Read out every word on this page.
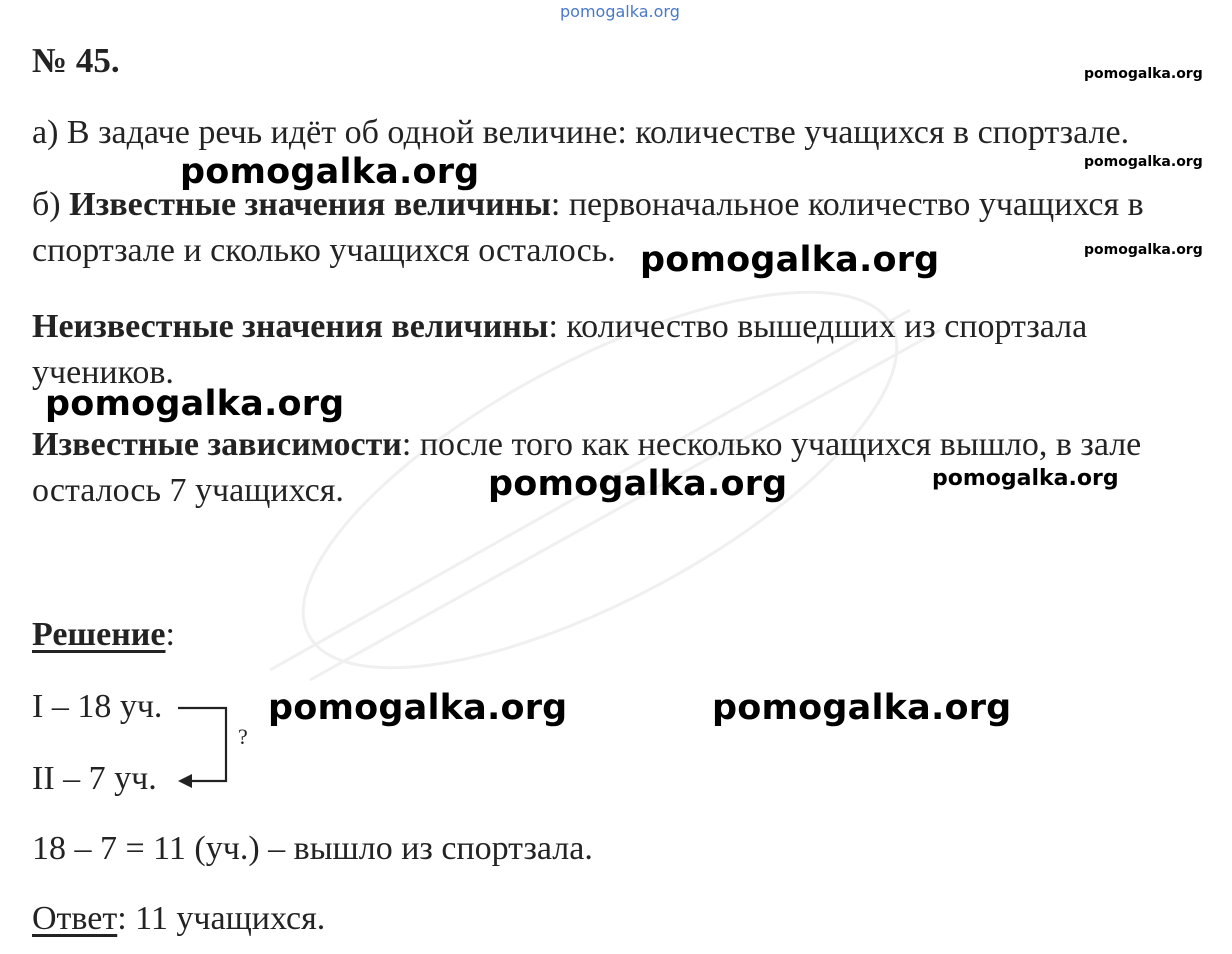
pomogalka.org
№ 45.
а) В задаче речь идёт об одной величине: количестве учащихся в спортзале.
б) Известные значения величины: первоначальное количество учащихся в
спортзале и сколько учащихся осталось.
Неизвестные значения величины: количество вышедших из спортзала
учеников.
Известные зависимости: после того как несколько учащихся вышло, в зале
осталось 7 учащихся.
Решение:
I – 18 уч.
II – 7 уч.
?
18 – 7 = 11 (уч.) – вышло из спортзала.
Ответ: 11 учащихся.
pomogalka.org
pomogalka.org
pomogalka.org
pomogalka.org
pomogalka.org
pomogalka.org
pomogalka.org	pomogalka.org
pomogalka.org	pomogalka.org
